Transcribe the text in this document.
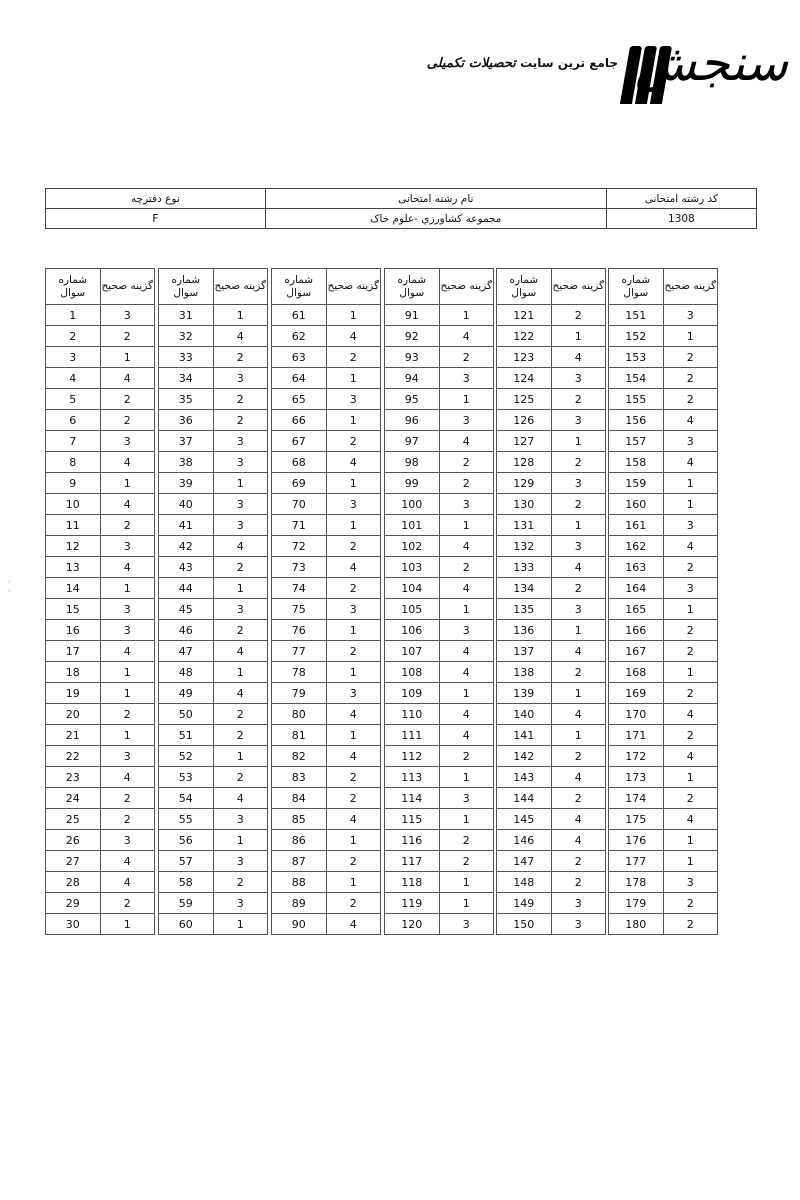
جامع ترین سایت تحصیلات تکمیلی	سنجش
کد رشته امتحانی	نام رشته امتحانی	نوع دفترچه
1308	مجموعه کشاورزي -علوم خاک	F
شماره سوال	گزینه صحیح
1	3
2	2
3	1
4	4
5	2
6	2
7	3
8	4
9	1
10	4
11	2
12	3
13	4
14	1
15	3
16	3
17	4
18	1
19	1
20	2
21	1
22	3
23	4
24	2
25	2
26	3
27	4
28	4
29	2
30	1
شماره سوال	گزینه صحیح
31	1
32	4
33	2
34	3
35	2
36	2
37	3
38	3
39	1
40	3
41	3
42	4
43	2
44	1
45	3
46	2
47	4
48	1
49	4
50	2
51	2
52	1
53	2
54	4
55	3
56	1
57	3
58	2
59	3
60	1
شماره سوال	گزینه صحیح
61	1
62	4
63	2
64	1
65	3
66	1
67	2
68	4
69	1
70	3
71	1
72	2
73	4
74	2
75	3
76	1
77	2
78	1
79	3
80	4
81	1
82	4
83	2
84	2
85	4
86	1
87	2
88	1
89	2
90	4
شماره سوال	گزینه صحیح
91	1
92	4
93	2
94	3
95	1
96	3
97	4
98	2
99	2
100	3
101	1
102	4
103	2
104	4
105	1
106	3
107	4
108	4
109	1
110	4
111	4
112	2
113	1
114	3
115	1
116	2
117	2
118	1
119	1
120	3
شماره سوال	گزینه صحیح
121	2
122	1
123	4
124	3
125	2
126	3
127	1
128	2
129	3
130	2
131	1
132	3
133	4
134	2
135	3
136	1
137	4
138	2
139	1
140	4
141	1
142	2
143	4
144	2
145	4
146	4
147	2
148	2
149	3
150	3
شماره سوال	گزینه صحیح
151	3
152	1
153	2
154	2
155	2
156	4
157	3
158	4
159	1
160	1
161	3
162	4
163	2
164	3
165	1
166	2
167	2
168	1
169	2
170	4
171	2
172	4
173	1
174	2
175	4
176	1
177	1
178	3
179	2
180	2
·
·
